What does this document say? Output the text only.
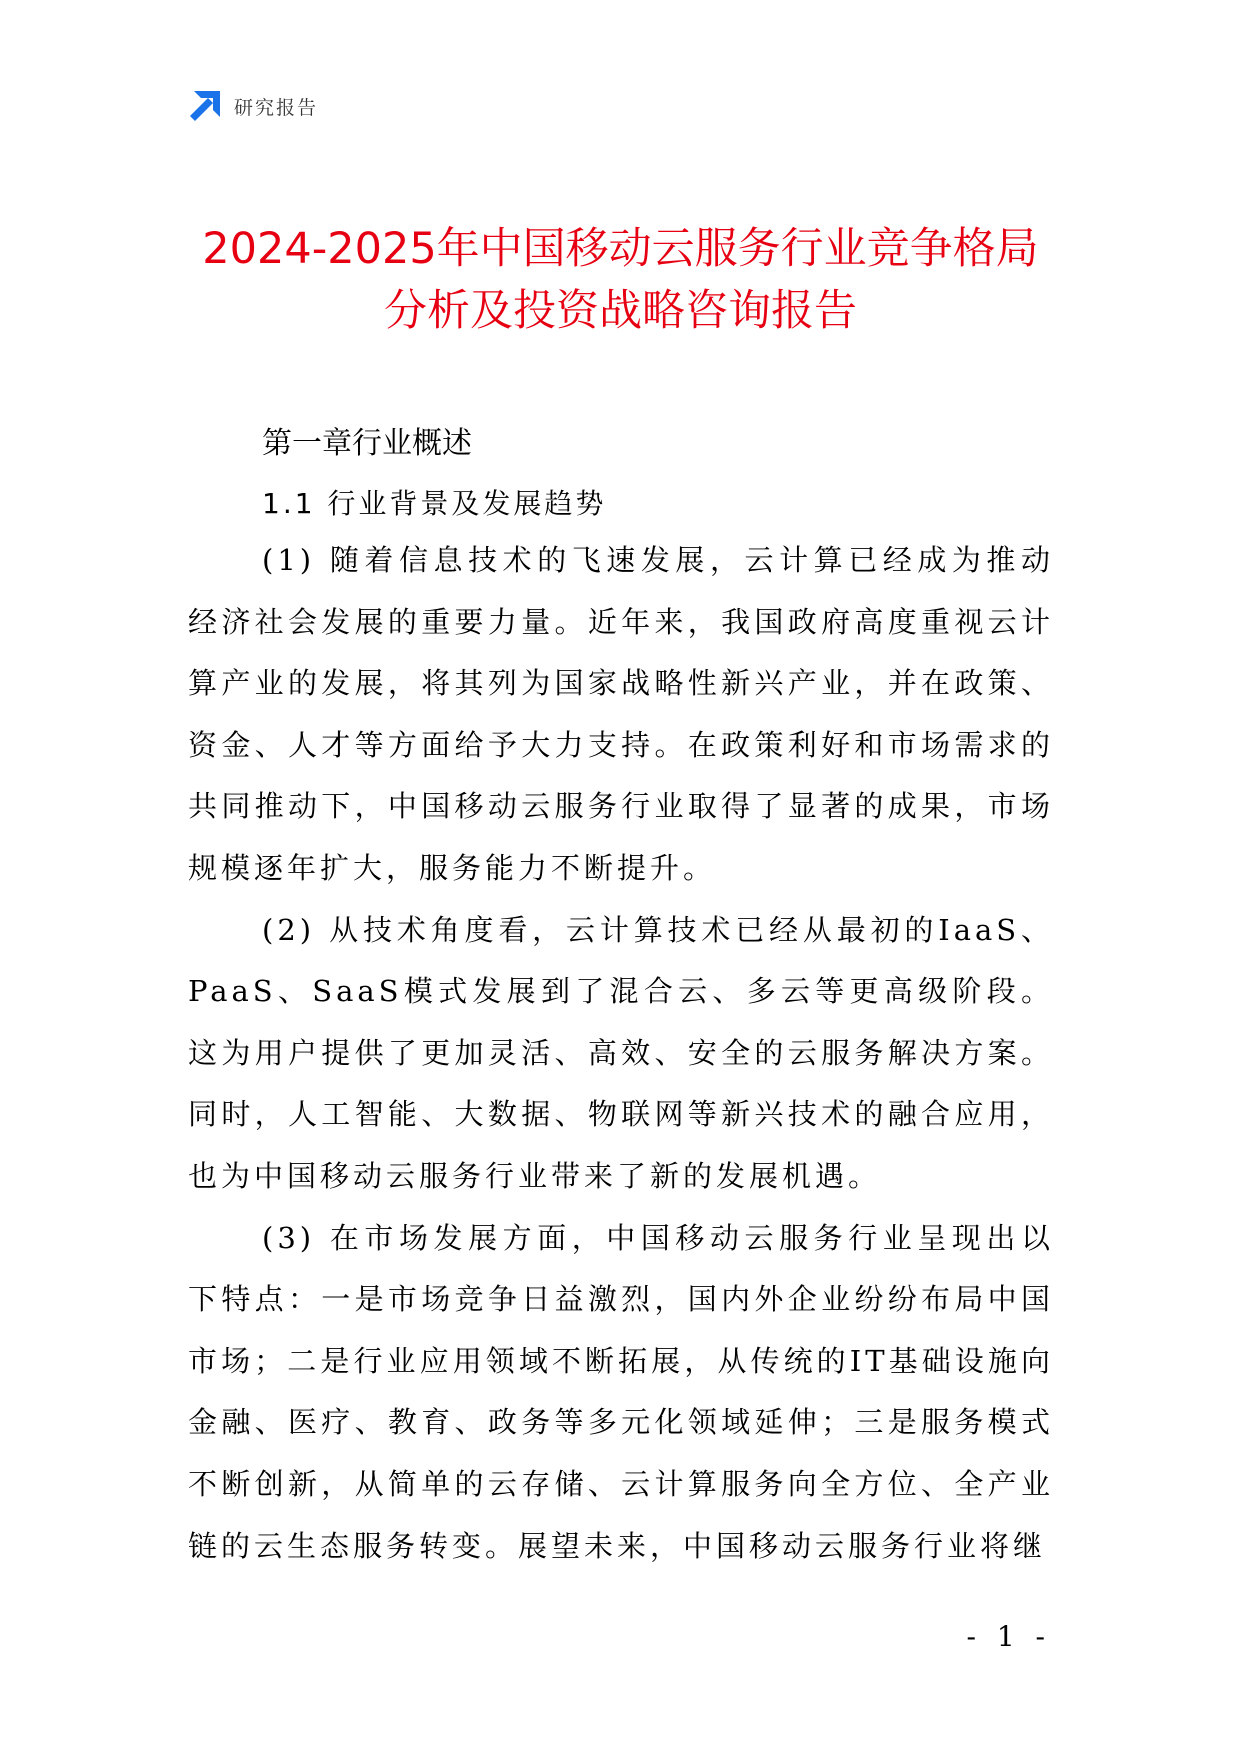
研究报告
2024-2025年中国移动云服务行业竞争格局
分析及投资战略咨询报告
第一章行业概述
1.1 行业背景及发展趋势

(1) 随着信息技术的飞速发展，云计算已经成为推动经济社会发展的重要力量。近年来，我国政府高度重视云计算产业的发展，将其列为国家战略性新兴产业，并在政策、资金、人才等方面给予大力支持。在政策利好和市场需求的共同推动下，中国移动云服务行业取得了显著的成果，市场规模逐年扩大，服务能力不断提升。

(2) 从技术角度看，云计算技术已经从最初的IaaS、PaaS、SaaS模式发展到了混合云、多云等更高级阶段。这为用户提供了更加灵活、高效、安全的云服务解决方案。同时，人工智能、大数据、物联网等新兴技术的融合应用，也为中国移动云服务行业带来了新的发展机遇。

(3) 在市场发展方面，中国移动云服务行业呈现出以下特点：一是市场竞争日益激烈，国内外企业纷纷布局中国市场；二是行业应用领域不断拓展，从传统的IT基础设施向金融、医疗、教育、政务等多元化领域延伸；三是服务模式不断创新，从简单的云存储、云计算服务向全方位、全产业链的云生态服务转变。展望未来，中国移动云服务行业将继

- 1 -
